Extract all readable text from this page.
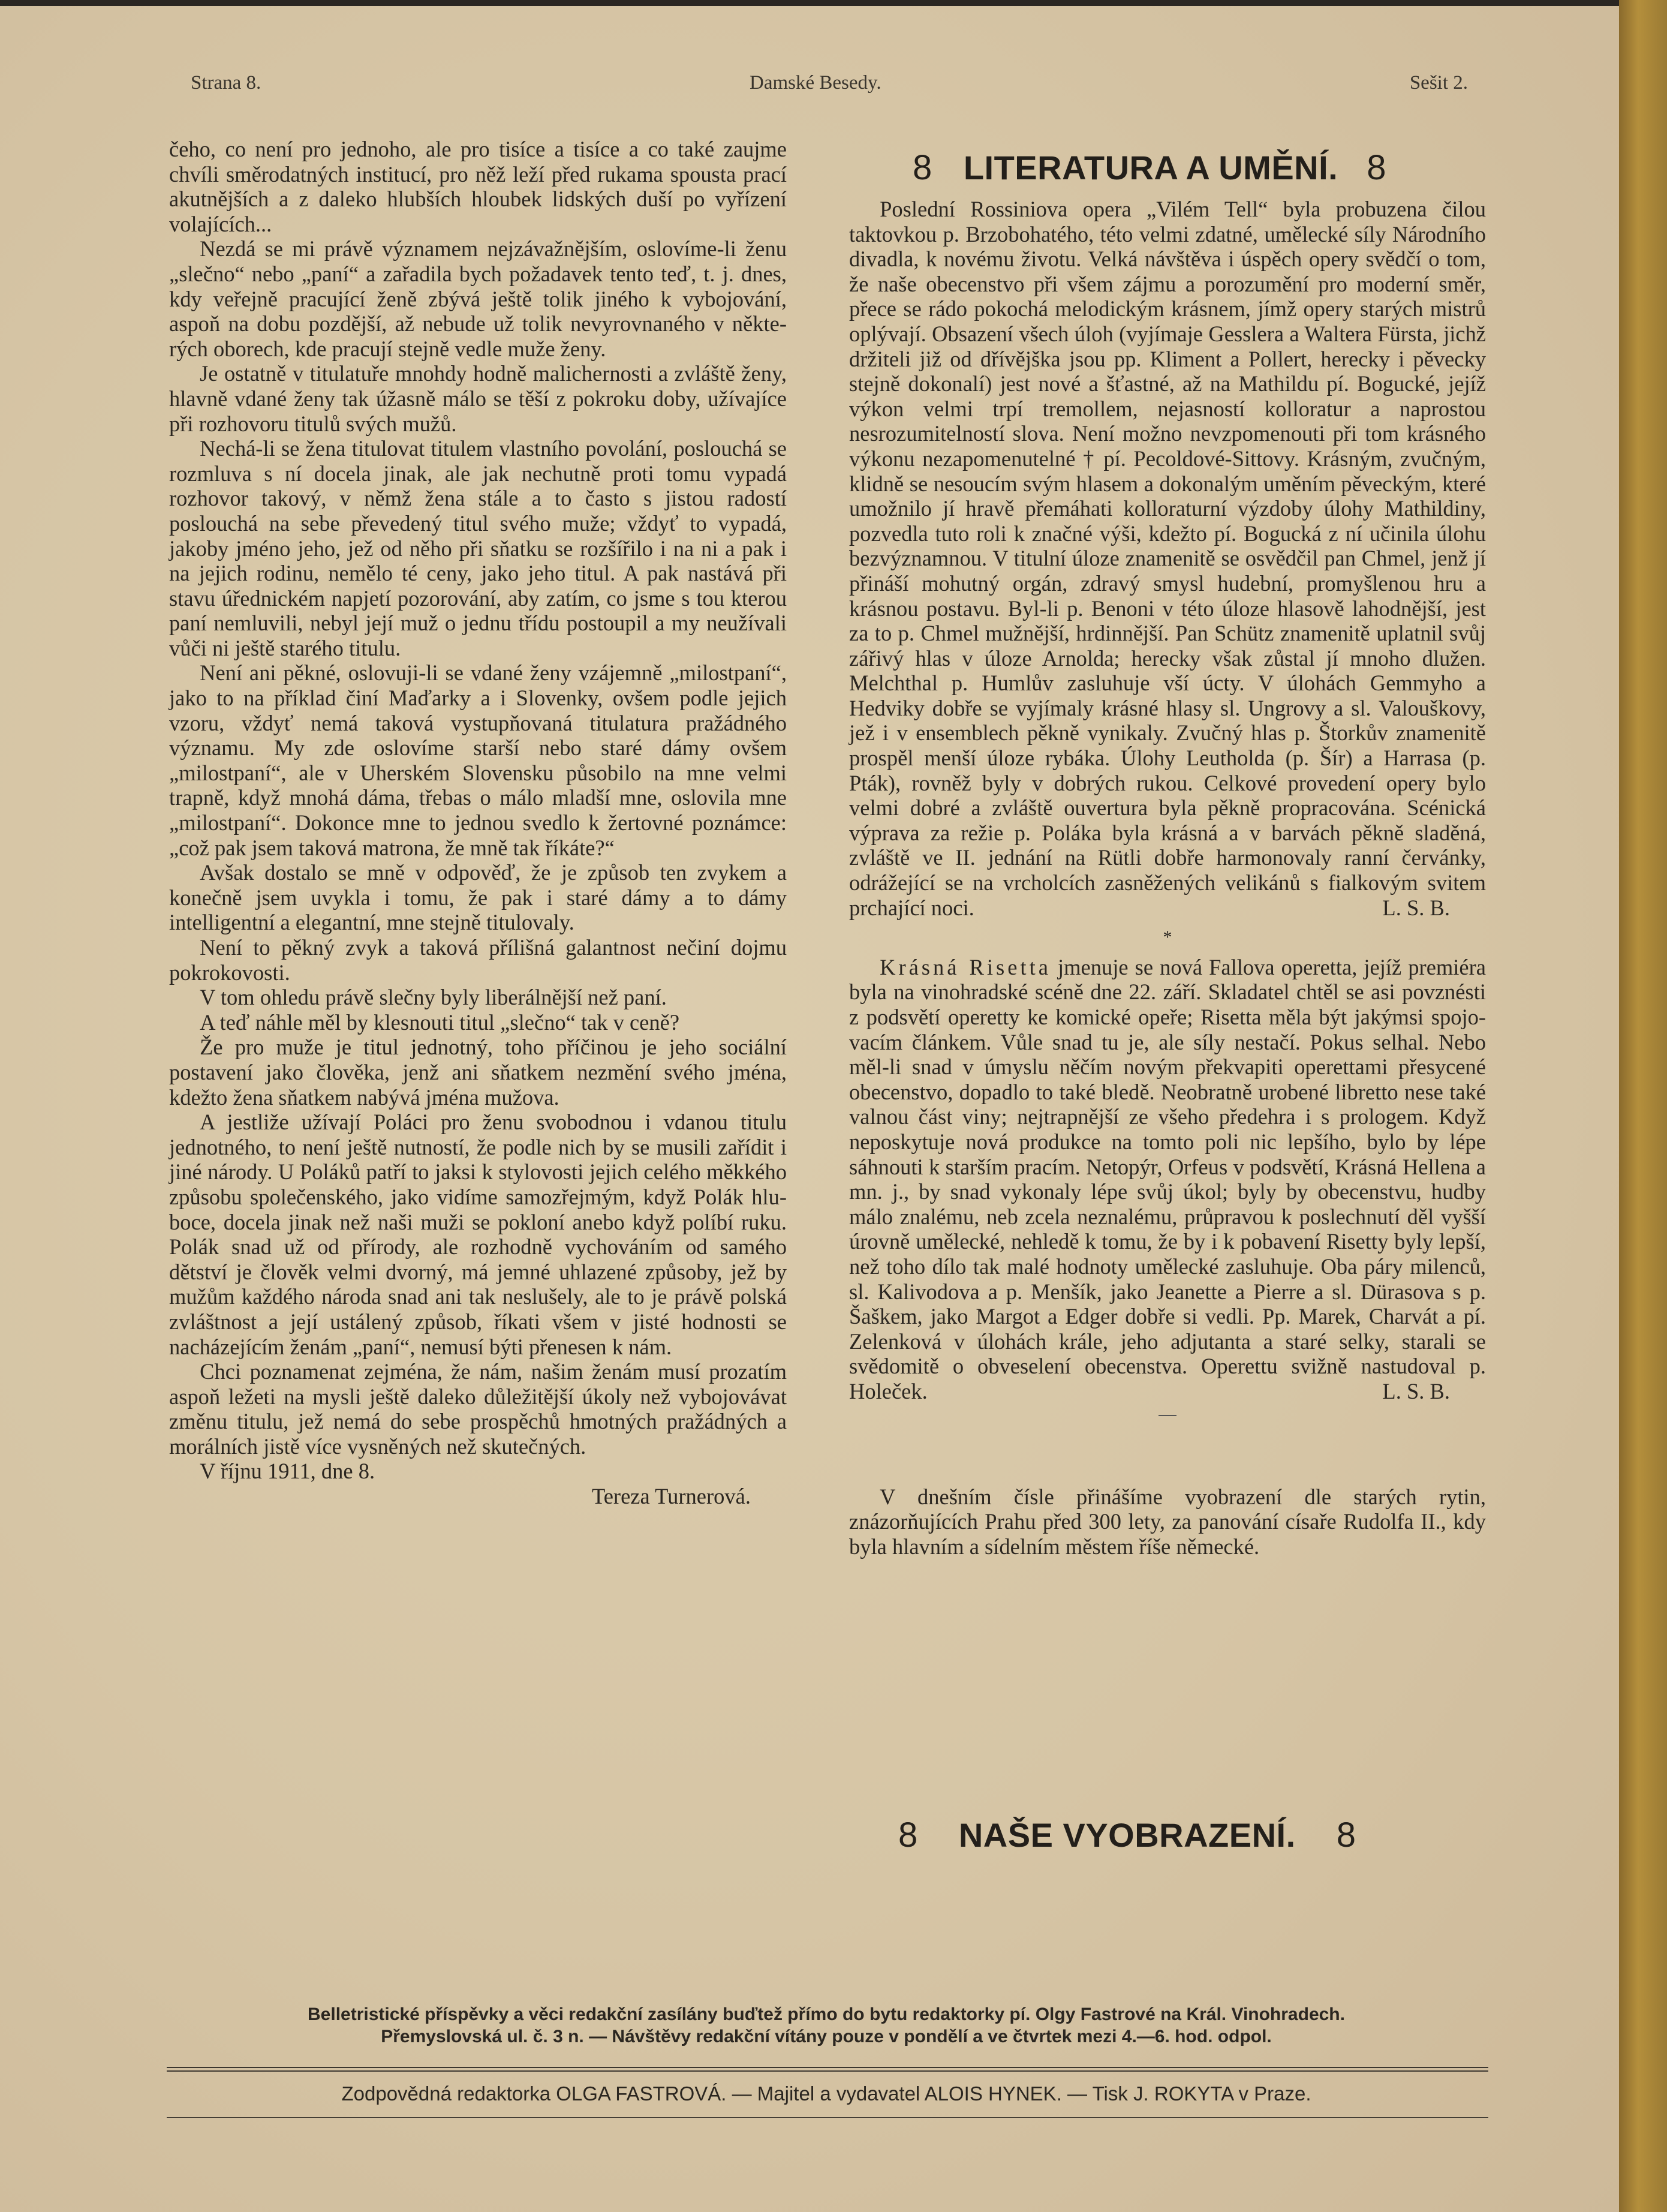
Strana 8.	Damské Besedy.	Sešit 2.

čeho, co není pro jednoho, ale pro tisíce a tisíce a co také zaujme chvíli směrodatných institucí, pro něž leží před rukama spousta prací akutnějších a z daleko hlubších hloubek lidských duší po vyřízení volajících...

Nezdá se mi právě významem nejzávažnějším, oslovíme-li ženu „slečno“ nebo „paní“ a zařadila bych požadavek tento teď, t. j. dnes, kdy veřejně pracující ženě zbývá ještě tolik jiného k vybojování, aspoň na dobu pozdější, až nebude už tolik nevyrovnaného v některých oborech, kde pracují stejně vedle muže ženy.

Je ostatně v titulatuře mnohdy hodně malichernosti a zvláště ženy, hlavně vdané ženy tak úžasně málo se těší z pokroku doby, užívajíce při rozhovoru titulů svých mužů.

Nechá-li se žena titulovat titulem vlastního povolání, poslouchá se rozmluva s ní docela jinak, ale jak nechutně proti tomu vypadá rozhovor takový, v němž žena stále a to často s jistou radostí poslouchá na sebe převedený titul svého muže; vždyť to vypadá, jakoby jméno jeho, jež od něho při sňatku se rozšířilo i na ni a pak i na jejich rodinu, nemělo té ceny, jako jeho titul. A pak nastává při stavu úřednickém napjetí pozorování, aby zatím, co jsme s tou kterou paní nemluvili, nebyl její muž o jednu třídu postoupil a my neužívali vůči ni ještě starého titulu.

Není ani pěkné, oslovuji-li se vdané ženy vzájemně „milostpaní“, jako to na příklad činí Maďarky a i Slovenky, ovšem podle jejich vzoru, vždyť nemá taková vystupňovaná titulatura pražádného významu. My zde oslovíme starší nebo staré dámy ovšem „milostpaní“, ale v Uherském Slovensku působilo na mne velmi trapně, když mnohá dáma, třebas o málo mladší mne, oslovila mne „milostpaní“. Dokonce mne to jednou svedlo k žertovné poznámce: „což pak jsem taková matrona, že mně tak říkáte?“

Avšak dostalo se mně v odpověď, že je způsob ten zvykem a konečně jsem uvykla i tomu, že pak i staré dámy a to dámy intelligentní a elegantní, mne stejně titulovaly.

Není to pěkný zvyk a taková přílišná galantnost nečiní dojmu pokrokovosti.

V tom ohledu právě slečny byly liberálnější než paní.

A teď náhle měl by klesnouti titul „slečno“ tak v ceně?

Že pro muže je titul jednotný, toho příčinou je jeho sociální postavení jako člověka, jenž ani sňatkem nezmění svého jména, kdežto žena sňatkem nabývá jména mužova.

A jestliže užívají Poláci pro ženu svobodnou i vdanou titulu jednotného, to není ještě nutností, že podle nich by se musili zařídit i jiné národy. U Poláků patří to jaksi k stylovosti jejich celého měkkého způsobu společenského, jako vidíme samozřejmým, když Polák hluboce, docela jinak než naši muži se pokloní anebo když políbí ruku. Polák snad už od přírody, ale rozhodně vychováním od samého dětství je člověk velmi dvorný, má jemné uhlazené způsoby, jež by mužům každého národa snad ani tak neslušely, ale to je právě polská zvláštnost a její ustálený způsob, říkati všem v jisté hodnosti se nacházejícím ženám „paní“, nemusí býti přenesen k nám.

Chci poznamenat zejména, že nám, našim ženám musí prozatím aspoň ležeti na mysli ještě daleko důležitější úkoly než vybojovávat změnu titulu, jež nemá do sebe prospěchů hmotných pražádných a morálních jistě více vysněných než skutečných.

V říjnu 1911, dne 8.

Tereza Turnerová.

8 LITERATURA A UMĚNÍ. 8

Poslední Rossiniova opera „Vilém Tell“ byla probuzena čilou taktovkou p. Brzobohatého, této velmi zdatné, umělecké síly Národního divadla, k novému životu. Velká návštěva i úspěch opery svědčí o tom, že naše obecenstvo při všem zájmu a porozumění pro moderní směr, přece se rádo pokochá melodickým krásnem, jímž opery starých mistrů oplývají. Obsazení všech úloh (vyjímaje Gesslera a Waltera Fürsta, jichž držiteli již od dřívějška jsou pp. Kliment a Pollert, herecky i pěvecky stejně dokonalí) jest nové a šťastné, až na Mathildu pí. Bogucké, jejíž výkon velmi trpí tremollem, nejasností kolloratur a naprostou nesrozumitelností slova. Není možno nevzpomenouti při tom krásného výkonu nezapomenutelné † pí. Pecoldové-Sittovy. Krásným, zvučným, klidně se nesoucím svým hlasem a dokonalým uměním pěveckým, které umožnilo jí hravě přemáhati kolloraturní výzdoby úlohy Mathildiny, pozvedla tuto roli k značné výši, kdežto pí. Bogucká z ní učinila úlohu bezvýznamnou. V titulní úloze znamenitě se osvědčil pan Chmel, jenž jí přináší mohutný orgán, zdravý smysl hudební, promyšlenou hru a krásnou postavu. Byl-li p. Benoni v této úloze hlasově lahodnější, jest za to p. Chmel mužnější, hrdinnější. Pan Schütz znamenitě uplatnil svůj zářivý hlas v úloze Arnolda; herecky však zůstal jí mnoho dlužen. Melchthal p. Humlův zasluhuje vší úcty. V úlohách Gemmyho a Hedviky dobře se vyjímaly krásné hlasy sl. Ungrovy a sl. Valouškovy, jež i v ensemblech pěkně vynikaly. Zvučný hlas p. Štorkův znamenitě prospěl menší úloze rybáka. Úlohy Leutholda (p. Šír) a Harrasa (p. Pták), rovněž byly v dobrých rukou. Celkové provedení opery bylo velmi dobré a zvláště ouvertura byla pěkně propracována. Scénická výprava za režie p. Poláka byla krásná a v barvách pěkně sladěná, zvláště ve II. jednání na Rütli dobře harmonovaly ranní červánky, odrážející se na vrcholcích zasněžených velikánů s fialkovým svitem prchající noci.	L. S. B.

*

Krásná Risetta jmenuje se nová Fallova operetta, jejíž premiéra byla na vinohradské scéně dne 22. září. Skladatel chtěl se asi povznésti z podsvětí operetty ke komické opeře; Risetta měla být jakýmsi spojovacím článkem. Vůle snad tu je, ale síly nestačí. Pokus selhal. Nebo měl-li snad v úmyslu něčím novým překvapiti operettami přesycené obecenstvo, dopadlo to také bledě. Neobratně urobené libretto nese také valnou část viny; nejtrapnější ze všeho předehra i s prologem. Když neposkytuje nová produkce na tomto poli nic lepšího, bylo by lépe sáhnouti k starším pracím. Netopýr, Orfeus v podsvětí, Krásná Hellena a mn. j., by snad vykonaly lépe svůj úkol; byly by obecenstvu, hudby málo znalému, neb zcela neznalému, průpravou k poslechnutí děl vyšší úrovně umělecké, nehledě k tomu, že by i k pobavení Risetty byly lepší, než toho dílo tak malé hodnoty umělecké zasluhuje. Oba páry milenců, sl. Kalivodova a p. Menšík, jako Jeanette a Pierre a sl. Dürasova s p. Šaškem, jako Margot a Edger dobře si vedli. Pp. Marek, Charvát a pí. Zelenková v úlohách krále, jeho adjutanta a staré selky, starali se svědomitě o obveselení obecenstva. Operettu svižně nastudoval p. Holeček.	L. S. B.

V dnešním čísle přinášíme vyobrazení dle starých rytin, znázorňujících Prahu před 300 lety, za panování císaře Rudolfa II., kdy byla hlavním a sídelním městem říše německé.

8 NAŠE VYOBRAZENÍ. 8
Belletristické příspěvky a věci redakční zasílány buďtež přímo do bytu redaktorky pí. Olgy Fastrové na Král. Vinohradech.
Přemyslovská ul. č. 3 n. — Návštěvy redakční vítány pouze v pondělí a ve čtvrtek mezi 4.—6. hod. odpol.
Zodpovědná redaktorka OLGA FASTROVÁ. — Majitel a vydavatel ALOIS HYNEK. — Tisk J. ROKYTA v Praze.
